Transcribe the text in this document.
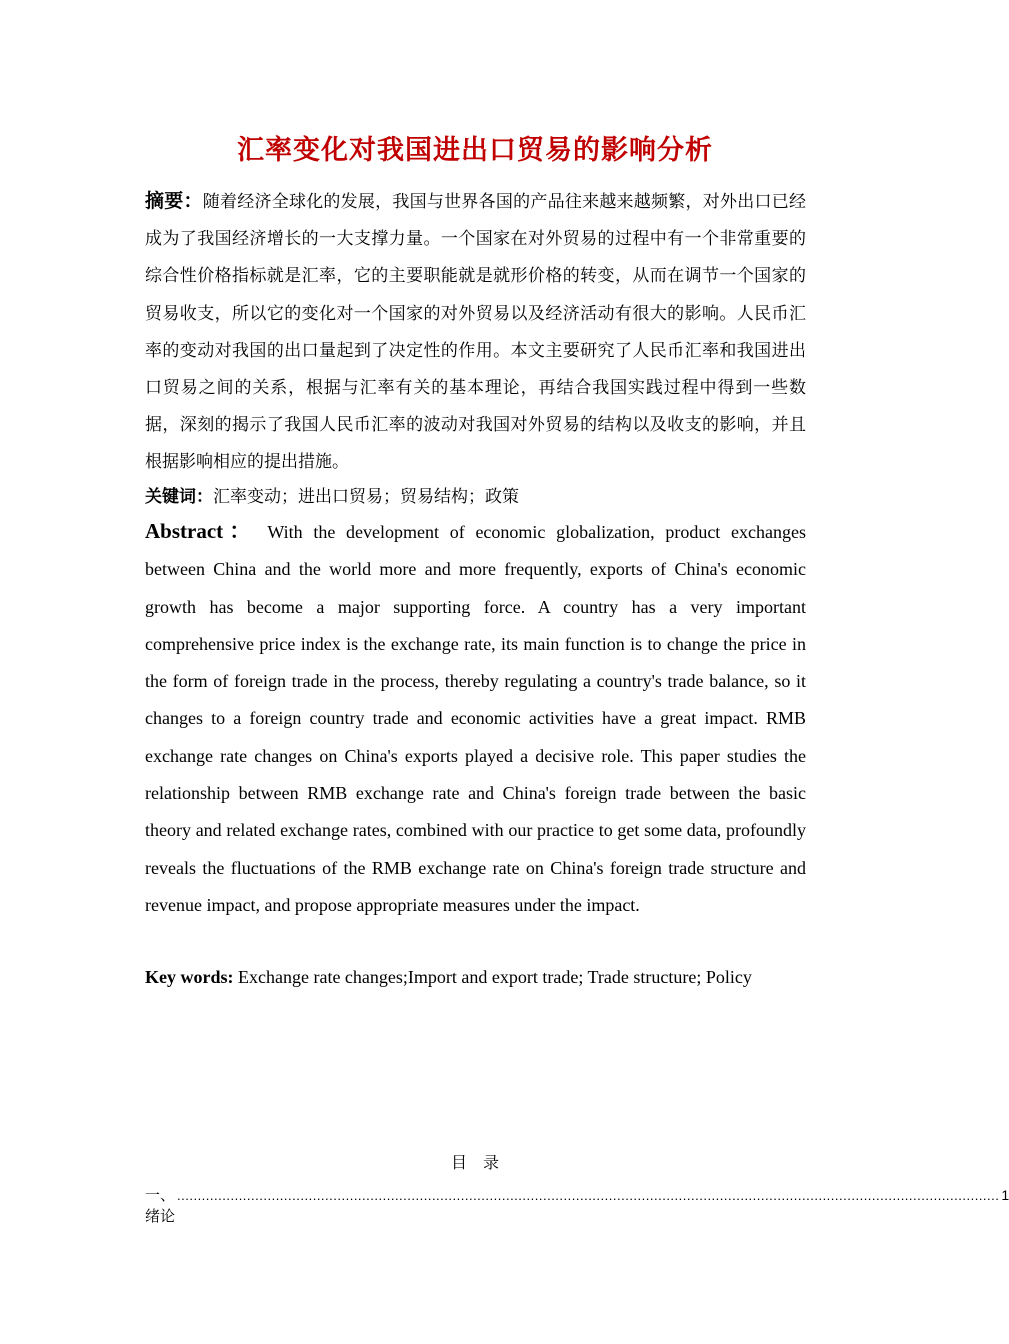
汇率变化对我国进出口贸易的影响分析
摘要：随着经济全球化的发展，我国与世界各国的产品往来越来越频繁，对外出口已经成为了我国经济增长的一大支撑力量。一个国家在对外贸易的过程中有一个非常重要的综合性价格指标就是汇率，它的主要职能就是就形价格的转变，从而在调节一个国家的贸易收支，所以它的变化对一个国家的对外贸易以及经济活动有很大的影响。人民币汇率的变动对我国的出口量起到了决定性的作用。本文主要研究了人民币汇率和我国进出口贸易之间的关系，根据与汇率有关的基本理论，再结合我国实践过程中得到一些数据，深刻的揭示了我国人民币汇率的波动对我国对外贸易的结构以及收支的影响，并且根据影响相应的提出措施。
关键词：汇率变动；进出口贸易；贸易结构；政策
Abstract： With the development of economic globalization, product exchanges between China and the world more and more frequently, exports of China's economic growth has become a major supporting force. A country has a very important comprehensive price index is the exchange rate, its main function is to change the price in the form of foreign trade in the process, thereby regulating a country's trade balance, so it changes to a foreign country trade and economic activities have a great impact. RMB exchange rate changes on China's exports played a decisive role. This paper studies the relationship between RMB exchange rate and China's foreign trade between the basic theory and related exchange rates, combined with our practice to get some data, profoundly reveals the fluctuations of the RMB exchange rate on China's foreign trade structure and revenue impact, and propose appropriate measures under the impact.
Key words: Exchange rate changes;Import and export trade; Trade structure; Policy
目录
一、绪论
........................................................................................................................................................................................................ 1
